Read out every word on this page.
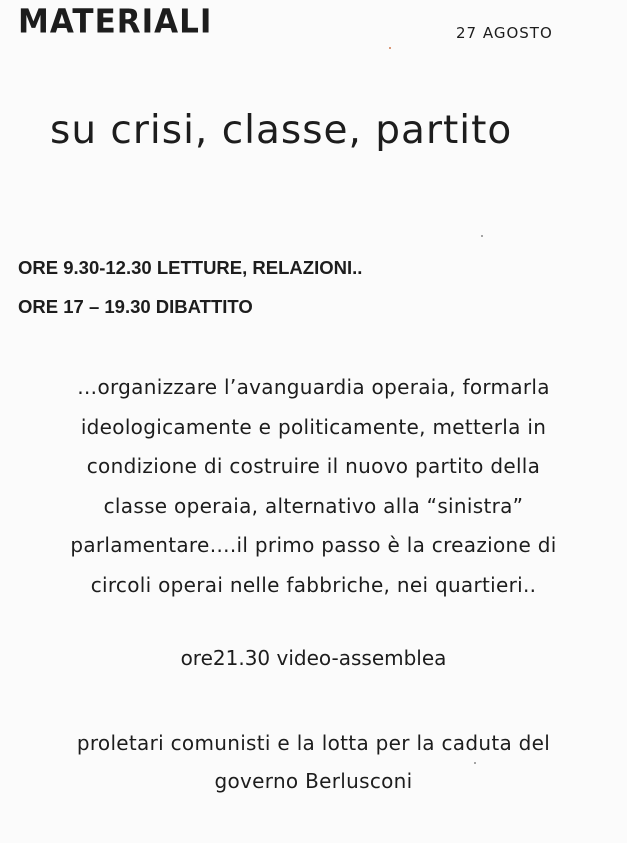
MATERIALI	27 AGOSTO
su crisi, classe, partito
ORE 9.30-12.30 LETTURE, RELAZIONI..
ORE 17 – 19.30 DIBATTITO
…organizzare l’avanguardia operaia, formarla
ideologicamente e politicamente, metterla in
condizione di costruire il nuovo partito della
classe operaia, alternativo alla “sinistra”
parlamentare….il primo passo è la creazione di
circoli operai nelle fabbriche, nei quartieri..
ore21.30 video-assemblea
proletari comunisti e la lotta per la caduta del
governo Berlusconi
